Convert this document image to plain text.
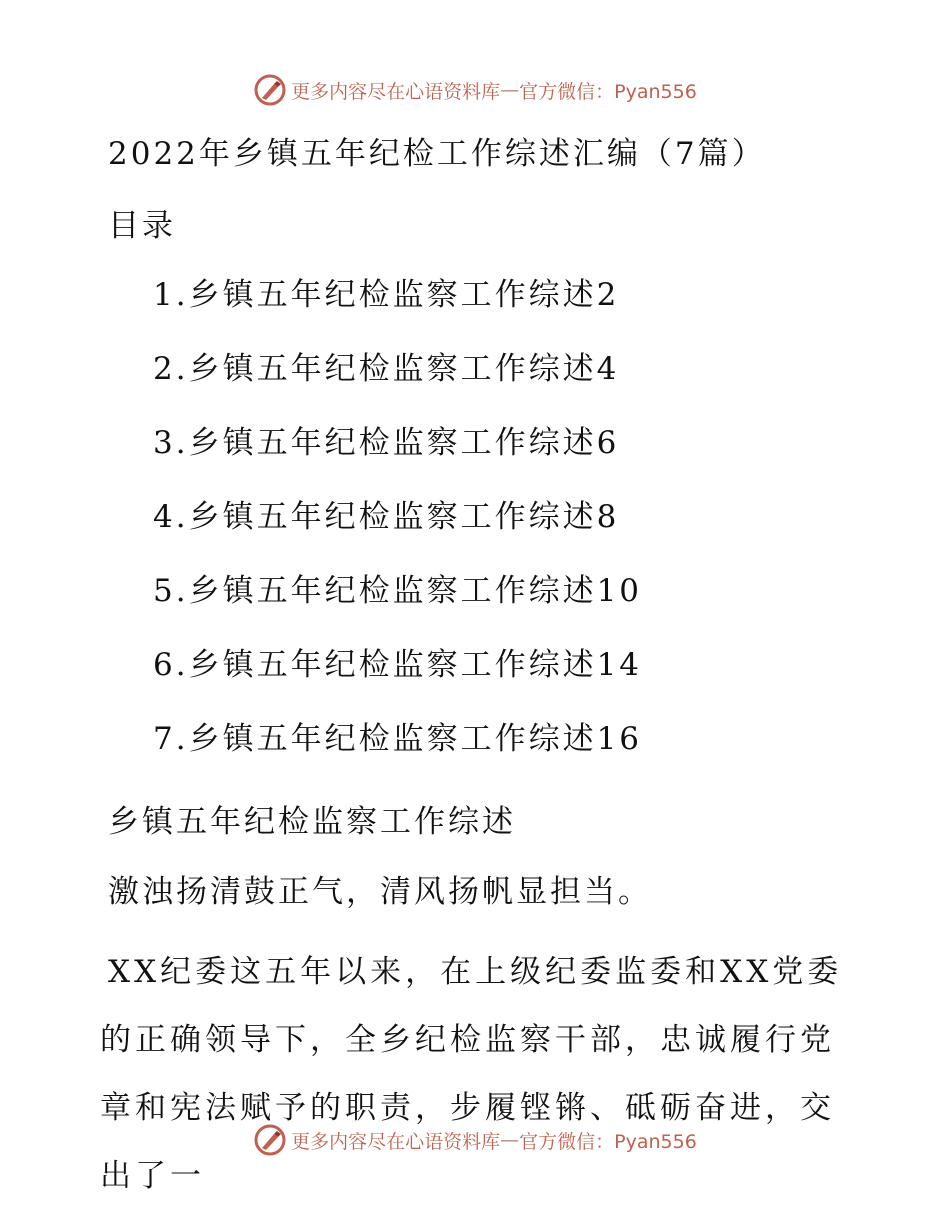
更多内容尽在心语资料库 — 官方微信：Pyan556
2022年乡镇五年纪检工作综述汇编（7篇）
目录
1.乡镇五年纪检监察工作综述2
2.乡镇五年纪检监察工作综述4
3.乡镇五年纪检监察工作综述6
4.乡镇五年纪检监察工作综述8
5.乡镇五年纪检监察工作综述10
6.乡镇五年纪检监察工作综述14
7.乡镇五年纪检监察工作综述16
乡镇五年纪检监察工作综述
激浊扬清鼓正气，清风扬帆显担当。
XX纪委这五年以来，在上级纪委监委和XX党委的正确领导下，全乡纪检监察干部，忠诚履行党章和宪法赋予的职责，步履铿锵、砥砺奋进，交出了一
更多内容尽在心语资料库 — 官方微信：Pyan556
